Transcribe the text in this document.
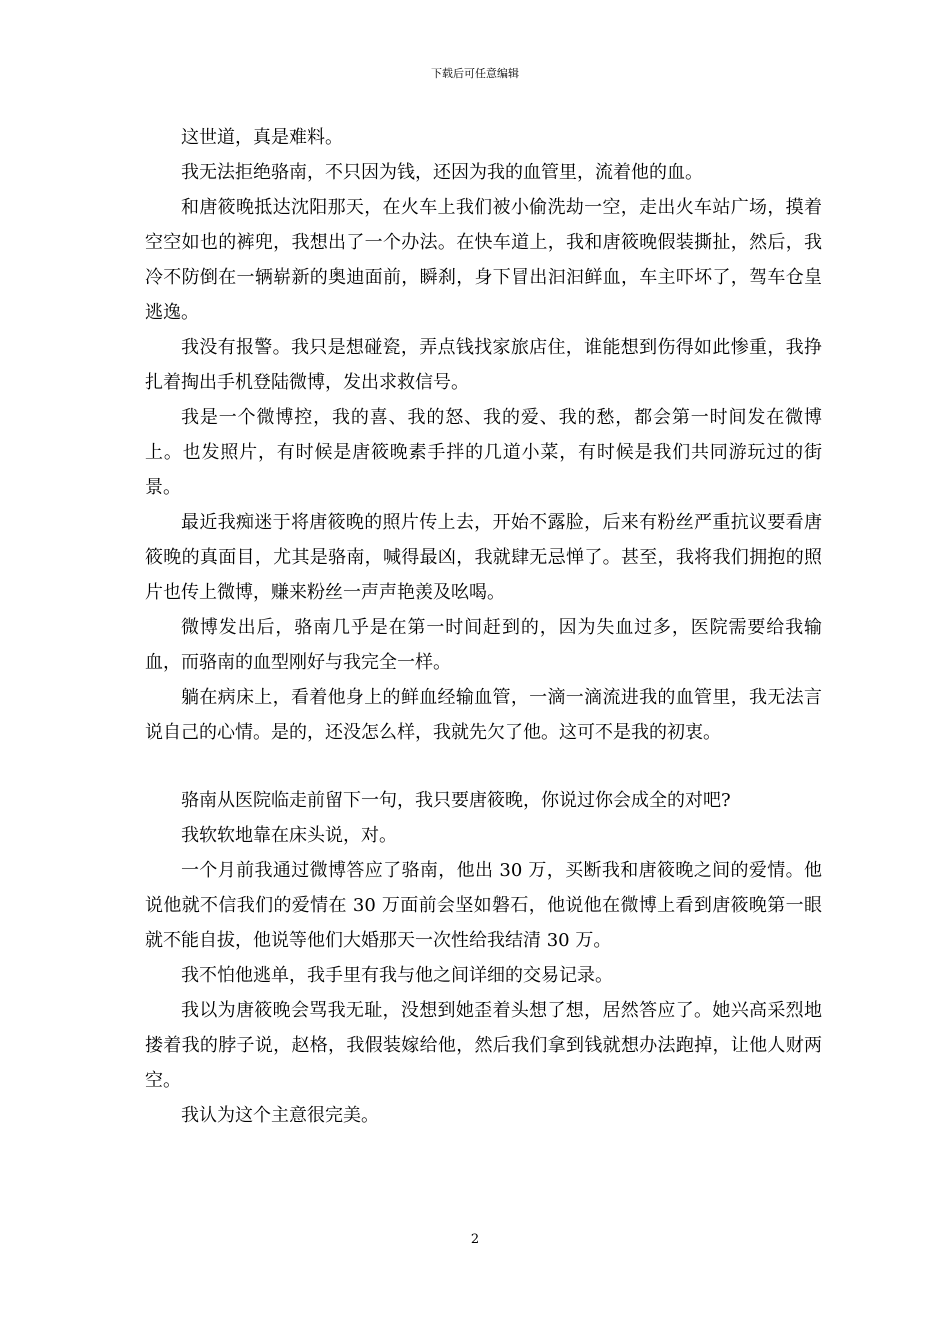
下载后可任意编辑

这世道，真是难料。

我无法拒绝骆南，不只因为钱，还因为我的血管里，流着他的血。

和唐筱晚抵达沈阳那天，在火车上我们被小偷洗劫一空，走出火车站广场，摸着空空如也的裤兜，我想出了一个办法。在快车道上，我和唐筱晚假装撕扯，然后，我冷不防倒在一辆崭新的奥迪面前，瞬刹，身下冒出汩汩鲜血，车主吓坏了，驾车仓皇逃逸。

我没有报警。我只是想碰瓷，弄点钱找家旅店住，谁能想到伤得如此惨重，我挣扎着掏出手机登陆微博，发出求救信号。

我是一个微博控，我的喜、我的怒、我的爱、我的愁，都会第一时间发在微博上。也发照片，有时候是唐筱晚素手拌的几道小菜，有时候是我们共同游玩过的街景。

最近我痴迷于将唐筱晚的照片传上去，开始不露脸，后来有粉丝严重抗议要看唐筱晚的真面目，尤其是骆南，喊得最凶，我就肆无忌惮了。甚至，我将我们拥抱的照片也传上微博，赚来粉丝一声声艳羡及吆喝。

微博发出后，骆南几乎是在第一时间赶到的，因为失血过多，医院需要给我输血，而骆南的血型刚好与我完全一样。

躺在病床上，看着他身上的鲜血经输血管，一滴一滴流进我的血管里，我无法言说自己的心情。是的，还没怎么样，我就先欠了他。这可不是我的初衷。

骆南从医院临走前留下一句，我只要唐筱晚，你说过你会成全的对吧?

我软软地靠在床头说，对。

一个月前我通过微博答应了骆南，他出 30 万，买断我和唐筱晚之间的爱情。他说他就不信我们的爱情在 30 万面前会坚如磐石，他说他在微博上看到唐筱晚第一眼就不能自拔，他说等他们大婚那天一次性给我结清 30 万。

我不怕他逃单，我手里有我与他之间详细的交易记录。

我以为唐筱晚会骂我无耻，没想到她歪着头想了想，居然答应了。她兴高采烈地搂着我的脖子说，赵格，我假装嫁给他，然后我们拿到钱就想办法跑掉，让他人财两空。

我认为这个主意很完美。

2
